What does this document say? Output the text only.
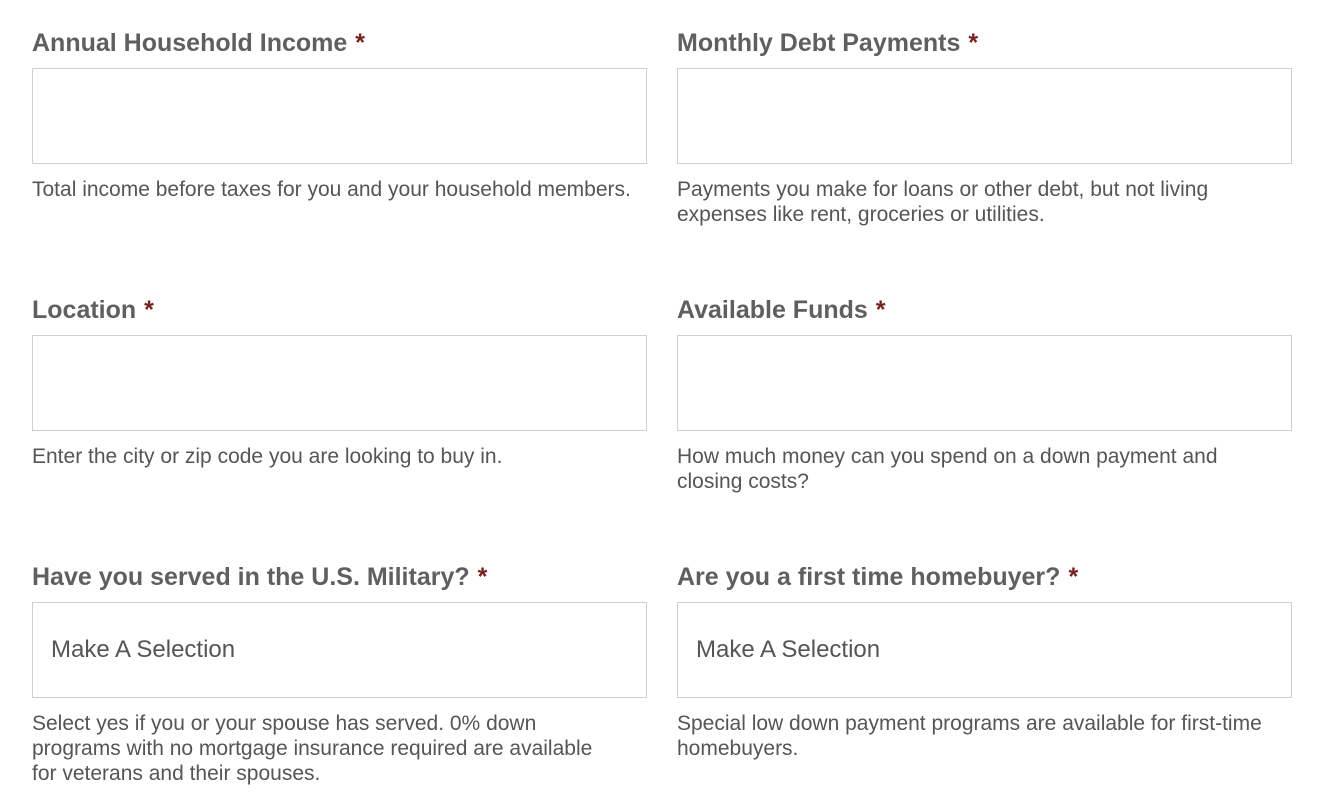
Annual Household Income *
Total income before taxes for you and your household members.
Monthly Debt Payments *
Payments you make for loans or other debt, but not living expenses like rent, groceries or utilities.
Location *
Enter the city or zip code you are looking to buy in.
Available Funds *
How much money can you spend on a down payment and closing costs?
Have you served in the U.S. Military? *
Make A Selection
Select yes if you or your spouse has served. 0% down programs with no mortgage insurance required are available for veterans and their spouses.
Are you a first time homebuyer? *
Make A Selection
Special low down payment programs are available for first-time homebuyers.
